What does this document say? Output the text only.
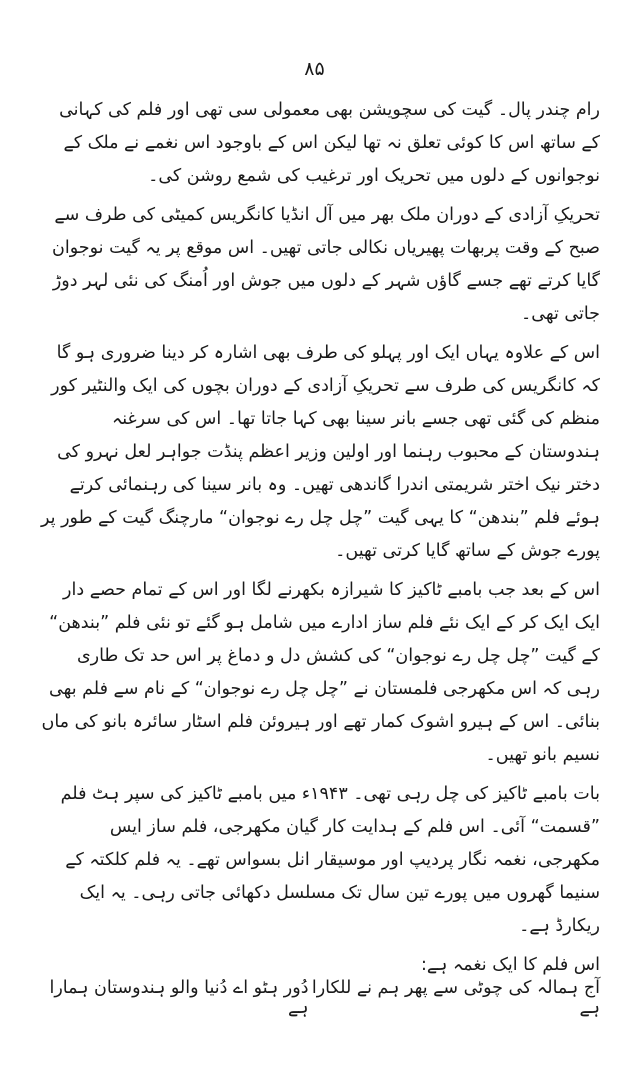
۸۵

رام چندر پال۔ گیت کی سچویشن بھی معمولی سی تھی اور فلم کی کہانی کے ساتھ اس کا کوئی تعلق نہ تھا لیکن اس کے باوجود اس نغمے نے ملک کے نوجوانوں کے دلوں میں تحریک اور ترغیب کی شمع روشن کی۔

تحریکِ آزادی کے دوران ملک بھر میں آل انڈیا کانگریس کمیٹی کی طرف سے صبح کے وقت پربھات پھیریاں نکالی جاتی تھیں۔ اس موقع پر یہ گیت نوجوان گایا کرتے تھے جسے گاؤں شہر کے دلوں میں جوش اور اُمنگ کی نئی لہر دوڑ جاتی تھی۔

اس کے علاوہ یہاں ایک اور پہلو کی طرف بھی اشارہ کر دینا ضروری ہو گا کہ کانگریس کی طرف سے تحریکِ آزادی کے دوران بچوں کی ایک والنٹیر کور منظم کی گئی تھی جسے بانر سینا بھی کہا جاتا تھا۔ اس کی سرغنہ ہندوستان کے محبوب رہنما اور اولین وزیر اعظم پنڈت جواہر لعل نہرو کی دختر نیک اختر شریمتی اندرا گاندھی تھیں۔ وہ بانر سینا کی رہنمائی کرتے ہوئے فلم ”بندھن“ کا یہی گیت ”چل چل رے نوجوان“ مارچنگ گیت کے طور پر پورے جوش کے ساتھ گایا کرتی تھیں۔

اس کے بعد جب بامبے ٹاکیز کا شیرازہ بکھرنے لگا اور اس کے تمام حصے دار ایک ایک کر کے ایک نئے فلم ساز ادارے میں شامل ہو گئے تو نئی فلم ”بندھن“ کے گیت ”چل چل رے نوجوان“ کی کشش دل و دماغ پر اس حد تک طاری رہی کہ اس مکھرجی فلمستان نے ”چل چل رے نوجوان“ کے نام سے فلم بھی بنائی۔ اس کے ہیرو اشوک کمار تھے اور ہیروئن فلم اسٹار سائرہ بانو کی ماں نسیم بانو تھیں۔

بات بامبے ٹاکیز کی چل رہی تھی۔ ۱۹۴۳ء میں بامبے ٹاکیز کی سپر ہٹ فلم ”قسمت“ آئی۔ اس فلم کے ہدایت کار گیان مکھرجی، فلم ساز ایس مکھرجی، نغمہ نگار پردیپ اور موسیقار انل بسواس تھے۔ یہ فلم کلکتہ کے سنیما گھروں میں پورے تین سال تک مسلسل دکھائی جاتی رہی۔ یہ ایک ریکارڈ ہے۔

اس فلم کا ایک نغمہ ہے:

آج ہمالہ کی چوٹی سے پھر ہم نے للکارا ہے
دُور ہٹو اے دُنیا والو ہندوستان ہمارا ہے
